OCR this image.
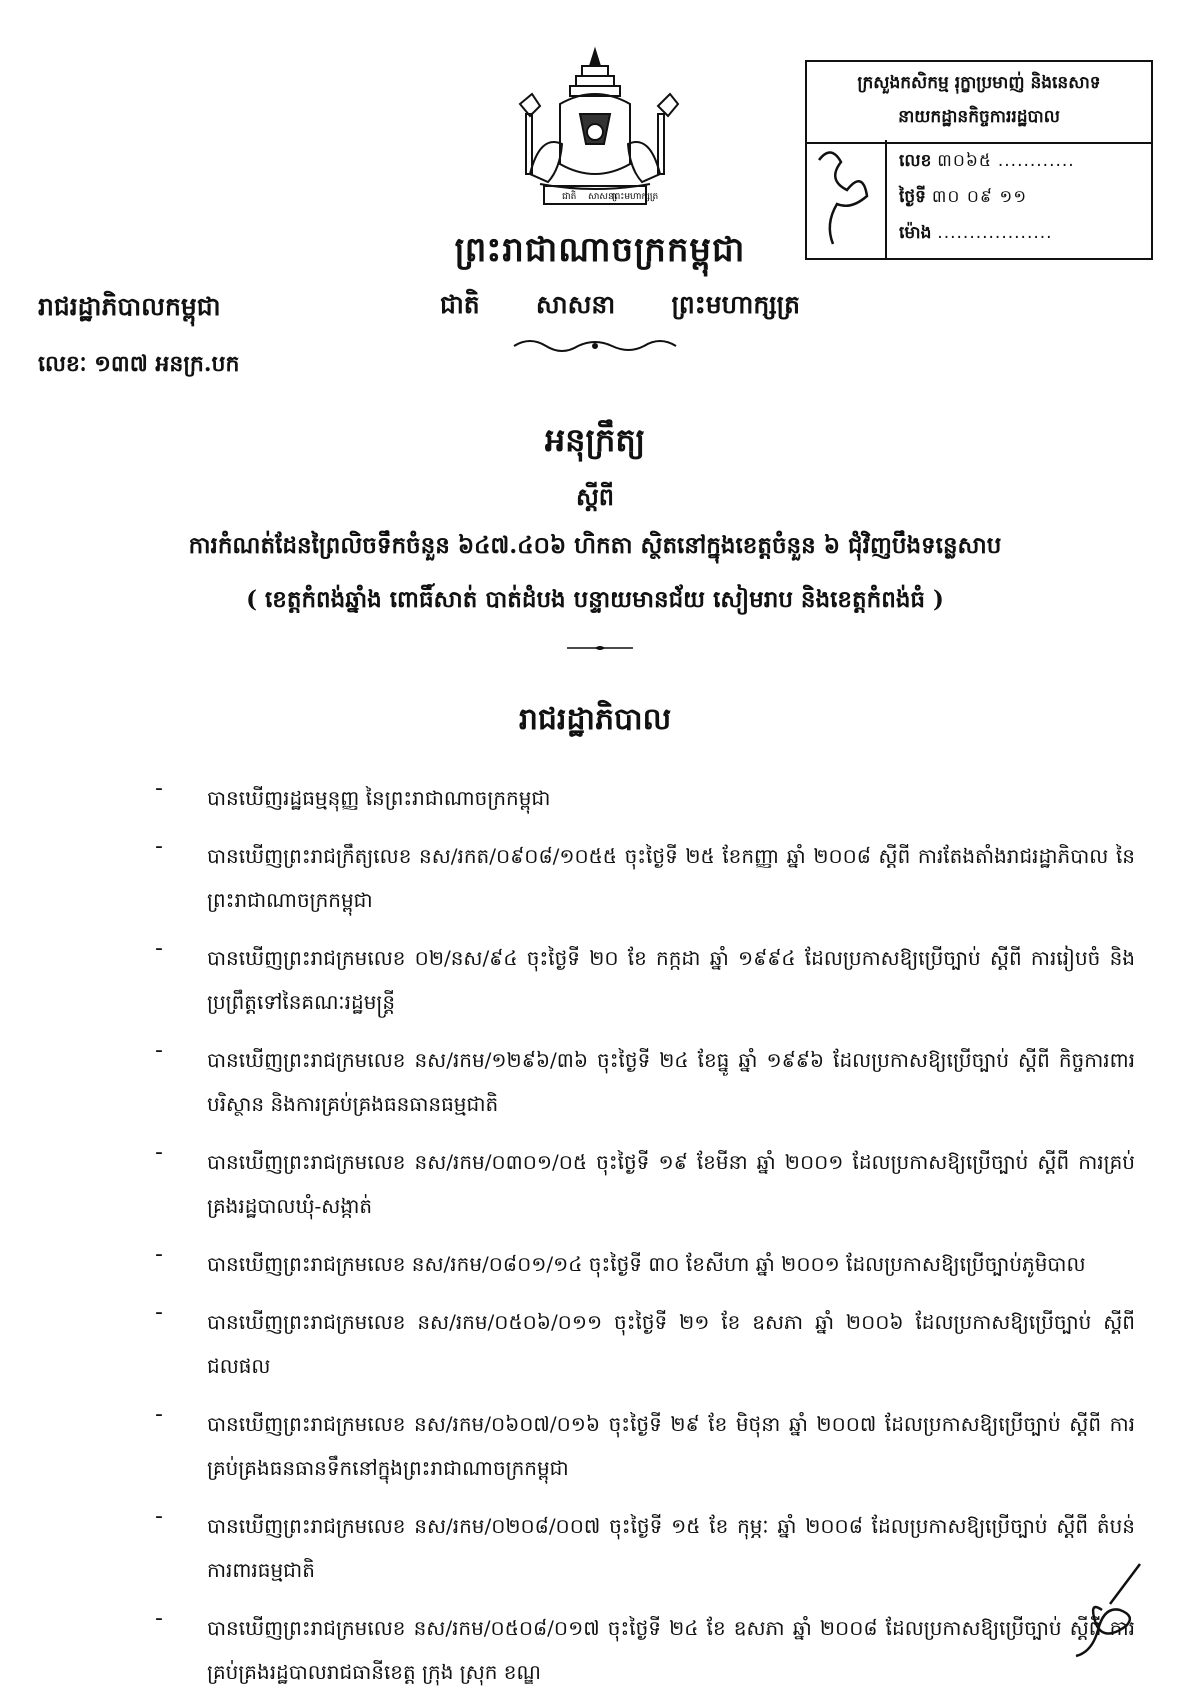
ជាតិ សាសនា
ព្រះមហាក្សត្រ
ព្រះរាជាណាចក្រកម្ពុជា
ជាតិ សាសនា ព្រះមហាក្សត្រ
រាជរដ្ឋាភិបាលកម្ពុជា
លេខៈ ១៣៧ អនក្រ.បក
ក្រសួងកសិកម្ម រុក្ខាប្រមាញ់ និងនេសាទ
នាយកដ្ឋានកិច្ចការរដ្ឋបាល
លេខ ៣០៦៥ ............
ថ្ងៃទី ៣០ ០៩ ១១
ម៉ោង ..................
អនុក្រឹត្យ
ស្តីពី
ការកំណត់ដែនព្រៃលិចទឹកចំនួន ៦៤៧.៤០៦ ហិកតា ស្ថិតនៅក្នុងខេត្តចំនួន ៦ ជុំវិញបឹងទន្លេសាប
( ខេត្តកំពង់ឆ្នាំង ពោធិ៍សាត់ បាត់ដំបង បន្ទាយមានជ័យ សៀមរាប និងខេត្តកំពង់ធំ )
រាជរដ្ឋាភិបាល
- បានឃើញរដ្ឋធម្មនុញ្ញ នៃព្រះរាជាណាចក្រកម្ពុជា
- បានឃើញព្រះរាជក្រឹត្យលេខ នស/រកត/០៩០៨/១០៥៥ ចុះថ្ងៃទី ២៥ ខែកញ្ញា ឆ្នាំ ២០០៨ ស្តីពី ការតែងតាំងរាជរដ្ឋាភិបាល នៃព្រះរាជាណាចក្រកម្ពុជា
- បានឃើញព្រះរាជក្រមលេខ ០២/នស/៩៤ ចុះថ្ងៃទី ២០ ខែ កក្កដា ឆ្នាំ ១៩៩៤ ដែលប្រកាសឱ្យប្រើច្បាប់ ស្តីពី ការរៀបចំ និងប្រព្រឹត្តទៅនៃគណៈរដ្ឋមន្ត្រី
- បានឃើញព្រះរាជក្រមលេខ នស/រកម/១២៩៦/៣៦ ចុះថ្ងៃទី ២៤ ខែធ្នូ ឆ្នាំ ១៩៩៦ ដែលប្រកាសឱ្យប្រើច្បាប់ ស្តីពី កិច្ចការពារបរិស្ថាន និងការគ្រប់គ្រងធនធានធម្មជាតិ
- បានឃើញព្រះរាជក្រមលេខ នស/រកម/០៣០១/០៥ ចុះថ្ងៃទី ១៩ ខែមីនា ឆ្នាំ ២០០១ ដែលប្រកាសឱ្យប្រើច្បាប់ ស្តីពី ការគ្រប់គ្រងរដ្ឋបាលឃុំ-សង្កាត់
- បានឃើញព្រះរាជក្រមលេខ នស/រកម/០៨០១/១៤ ចុះថ្ងៃទី ៣០ ខែសីហា ឆ្នាំ ២០០១ ដែលប្រកាសឱ្យប្រើច្បាប់ភូមិបាល
- បានឃើញព្រះរាជក្រមលេខ នស/រកម/០៥០៦/០១១ ចុះថ្ងៃទី ២១ ខែ ឧសភា ឆ្នាំ ២០០៦ ដែលប្រកាសឱ្យប្រើច្បាប់ ស្តីពី ជលផល
- បានឃើញព្រះរាជក្រមលេខ នស/រកម/០៦០៧/០១៦ ចុះថ្ងៃទី ២៩ ខែ មិថុនា ឆ្នាំ ២០០៧ ដែលប្រកាសឱ្យប្រើច្បាប់ ស្តីពី ការគ្រប់គ្រងធនធានទឹកនៅក្នុងព្រះរាជាណាចក្រកម្ពុជា
- បានឃើញព្រះរាជក្រមលេខ នស/រកម/០២០៨/០០៧ ចុះថ្ងៃទី ១៥ ខែ កុម្ភៈ ឆ្នាំ ២០០៨ ដែលប្រកាសឱ្យប្រើច្បាប់ ស្តីពី តំបន់ការពារធម្មជាតិ
- បានឃើញព្រះរាជក្រមលេខ នស/រកម/០៥០៨/០១៧ ចុះថ្ងៃទី ២៤ ខែ ឧសភា ឆ្នាំ ២០០៨ ដែលប្រកាសឱ្យប្រើច្បាប់ ស្តីពី ការគ្រប់គ្រងរដ្ឋបាលរាជធានីខេត្ត ក្រុង ស្រុក ខណ្ឌ
